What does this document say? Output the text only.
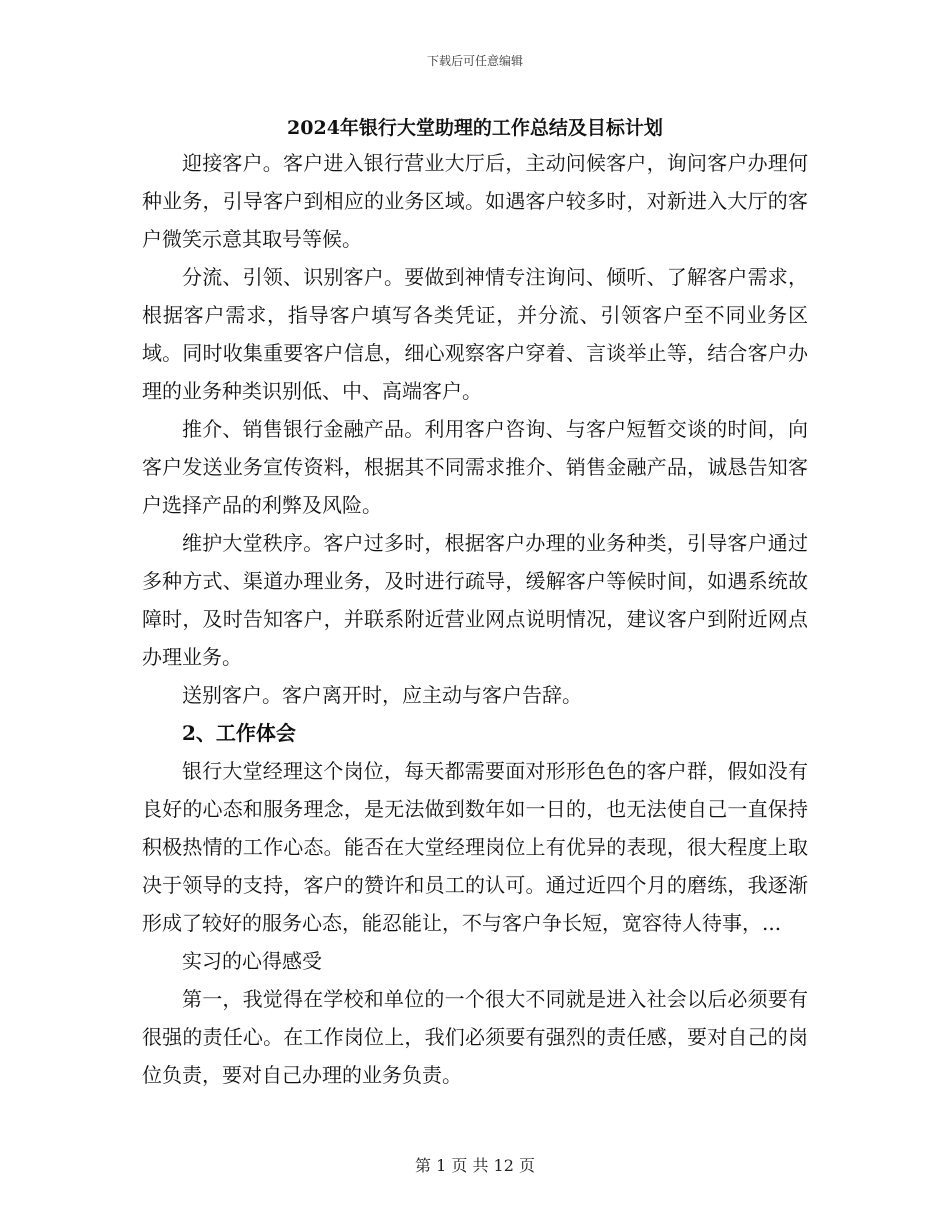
下载后可任意编辑
2024年银行大堂助理的工作总结及目标计划

迎接客户。客户进入银行营业大厅后，主动问候客户，询问客户办理何种业务，引导客户到相应的业务区域。如遇客户较多时，对新进入大厅的客户微笑示意其取号等候。

分流、引领、识别客户。要做到神情专注询问、倾听、了解客户需求，根据客户需求，指导客户填写各类凭证，并分流、引领客户至不同业务区域。同时收集重要客户信息，细心观察客户穿着、言谈举止等，结合客户办理的业务种类识别低、中、高端客户。

推介、销售银行金融产品。利用客户咨询、与客户短暂交谈的时间，向客户发送业务宣传资料，根据其不同需求推介、销售金融产品，诚恳告知客户选择产品的利弊及风险。

维护大堂秩序。客户过多时，根据客户办理的业务种类，引导客户通过多种方式、渠道办理业务，及时进行疏导，缓解客户等候时间，如遇系统故障时，及时告知客户，并联系附近营业网点说明情况，建议客户到附近网点办理业务。

送别客户。客户离开时，应主动与客户告辞。

2、工作体会

银行大堂经理这个岗位，每天都需要面对形形色色的客户群，假如没有良好的心态和服务理念，是无法做到数年如一日的，也无法使自己一直保持积极热情的工作心态。能否在大堂经理岗位上有优异的表现，很大程度上取决于领导的支持，客户的赞许和员工的认可。通过近四个月的磨练，我逐渐形成了较好的服务心态，能忍能让，不与客户争长短，宽容待人待事，...

实习的心得感受

第一，我觉得在学校和单位的一个很大不同就是进入社会以后必须要有很强的责任心。在工作岗位上，我们必须要有强烈的责任感，要对自己的岗位负责，要对自己办理的业务负责。

第 1 页 共 12 页
